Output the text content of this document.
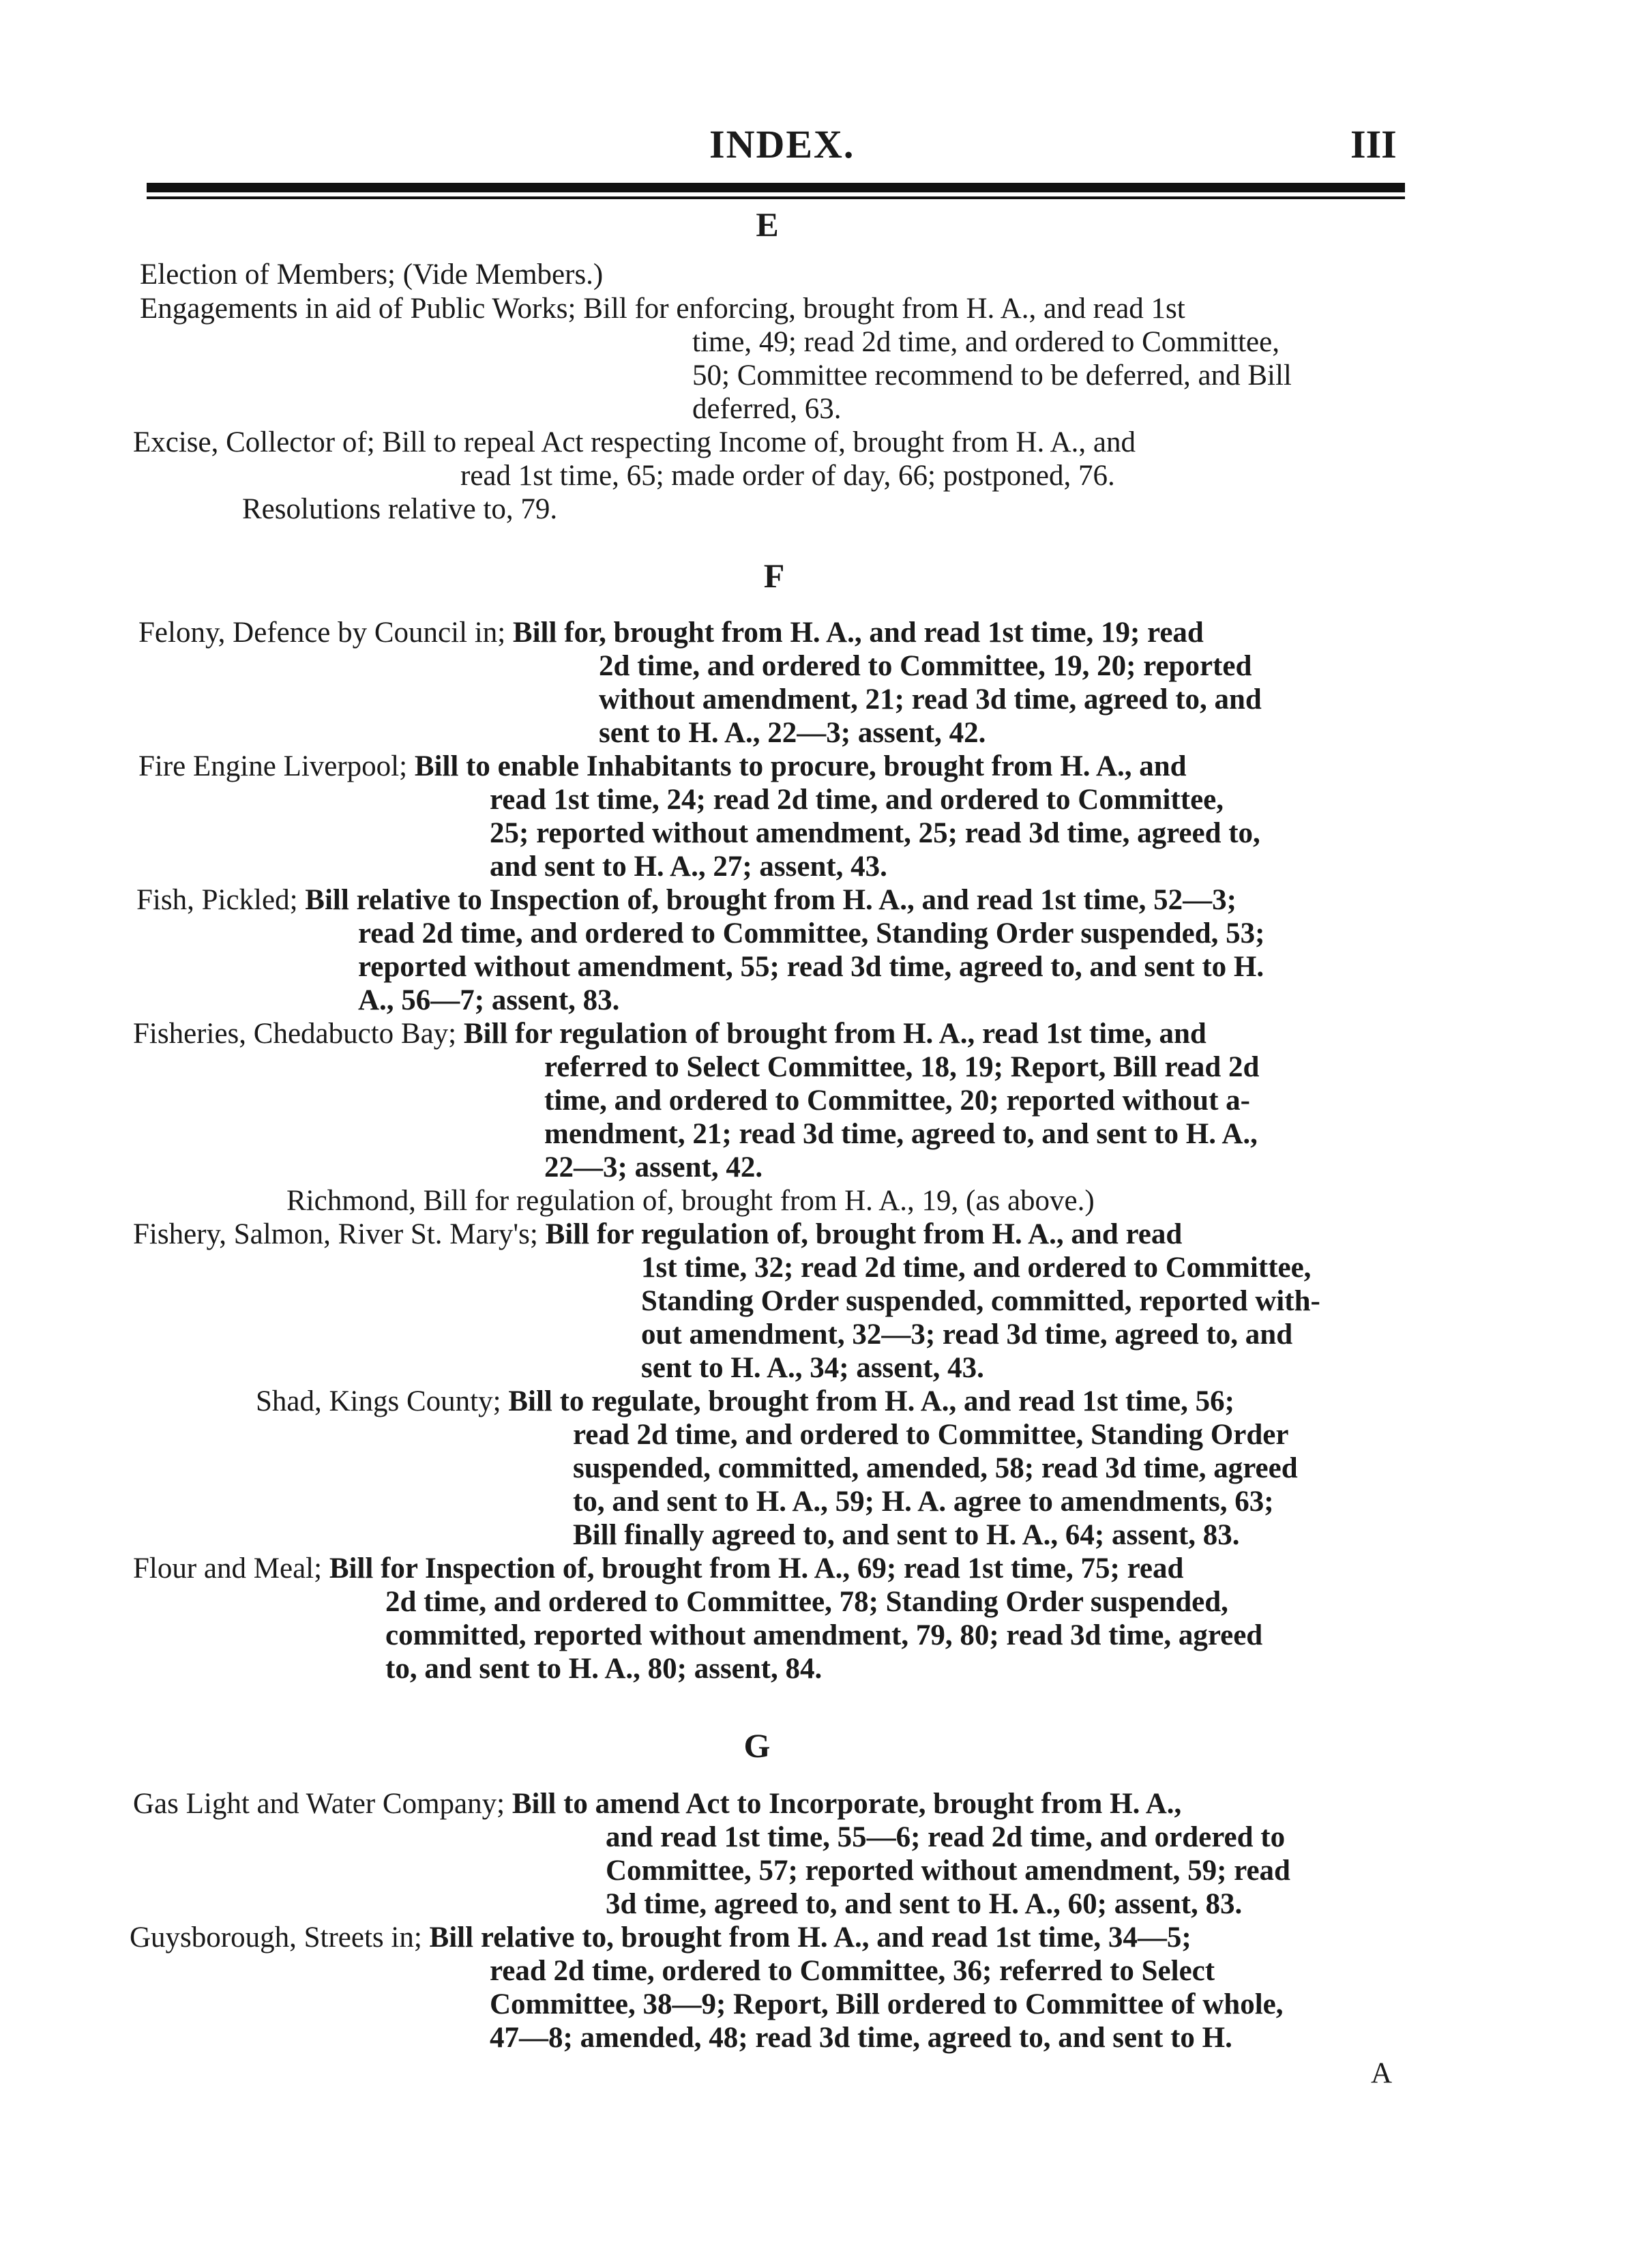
INDEX.	III
E
Election of Members; (Vide Members.)
Engagements in aid of Public Works; Bill for enforcing, brought from H. A., and read 1st
time, 49; read 2d time, and ordered to Committee,
50; Committee recommend to be deferred, and Bill
deferred, 63.
Excise, Collector of; Bill to repeal Act respecting Income of, brought from H. A., and
read 1st time, 65; made order of day, 66; postponed, 76.
Resolutions relative to, 79.
F
Felony, Defence by Council in; Bill for, brought from H. A., and read 1st time, 19; read
2d time, and ordered to Committee, 19, 20; reported
without amendment, 21; read 3d time, agreed to, and
sent to H. A., 22—3; assent, 42.
Fire Engine Liverpool; Bill to enable Inhabitants to procure, brought from H. A., and
read 1st time, 24; read 2d time, and ordered to Committee,
25; reported without amendment, 25; read 3d time, agreed to,
and sent to H. A., 27; assent, 43.
Fish, Pickled; Bill relative to Inspection of, brought from H. A., and read 1st time, 52—3;
read 2d time, and ordered to Committee, Standing Order suspended, 53;
reported without amendment, 55; read 3d time, agreed to, and sent to H.
A., 56—7; assent, 83.
Fisheries, Chedabucto Bay; Bill for regulation of brought from H. A., read 1st time, and
referred to Select Committee, 18, 19; Report, Bill read 2d
time, and ordered to Committee, 20; reported without a-
mendment, 21; read 3d time, agreed to, and sent to H. A.,
22—3; assent, 42.
Richmond, Bill for regulation of, brought from H. A., 19, (as above.)
Fishery, Salmon, River St. Mary's; Bill for regulation of, brought from H. A., and read
1st time, 32; read 2d time, and ordered to Committee,
Standing Order suspended, committed, reported with-
out amendment, 32—3; read 3d time, agreed to, and
sent to H. A., 34; assent, 43.
Shad, Kings County; Bill to regulate, brought from H. A., and read 1st time, 56;
read 2d time, and ordered to Committee, Standing Order
suspended, committed, amended, 58; read 3d time, agreed
to, and sent to H. A., 59; H. A. agree to amendments, 63;
Bill finally agreed to, and sent to H. A., 64; assent, 83.
Flour and Meal; Bill for Inspection of, brought from H. A., 69; read 1st time, 75; read
2d time, and ordered to Committee, 78; Standing Order suspended,
committed, reported without amendment, 79, 80; read 3d time, agreed
to, and sent to H. A., 80; assent, 84.
G
Gas Light and Water Company; Bill to amend Act to Incorporate, brought from H. A.,
and read 1st time, 55—6; read 2d time, and ordered to
Committee, 57; reported without amendment, 59; read
3d time, agreed to, and sent to H. A., 60; assent, 83.
Guysborough, Streets in; Bill relative to, brought from H. A., and read 1st time, 34—5;
read 2d time, ordered to Committee, 36; referred to Select
Committee, 38—9; Report, Bill ordered to Committee of whole,
47—8; amended, 48; read 3d time, agreed to, and sent to H.
A
